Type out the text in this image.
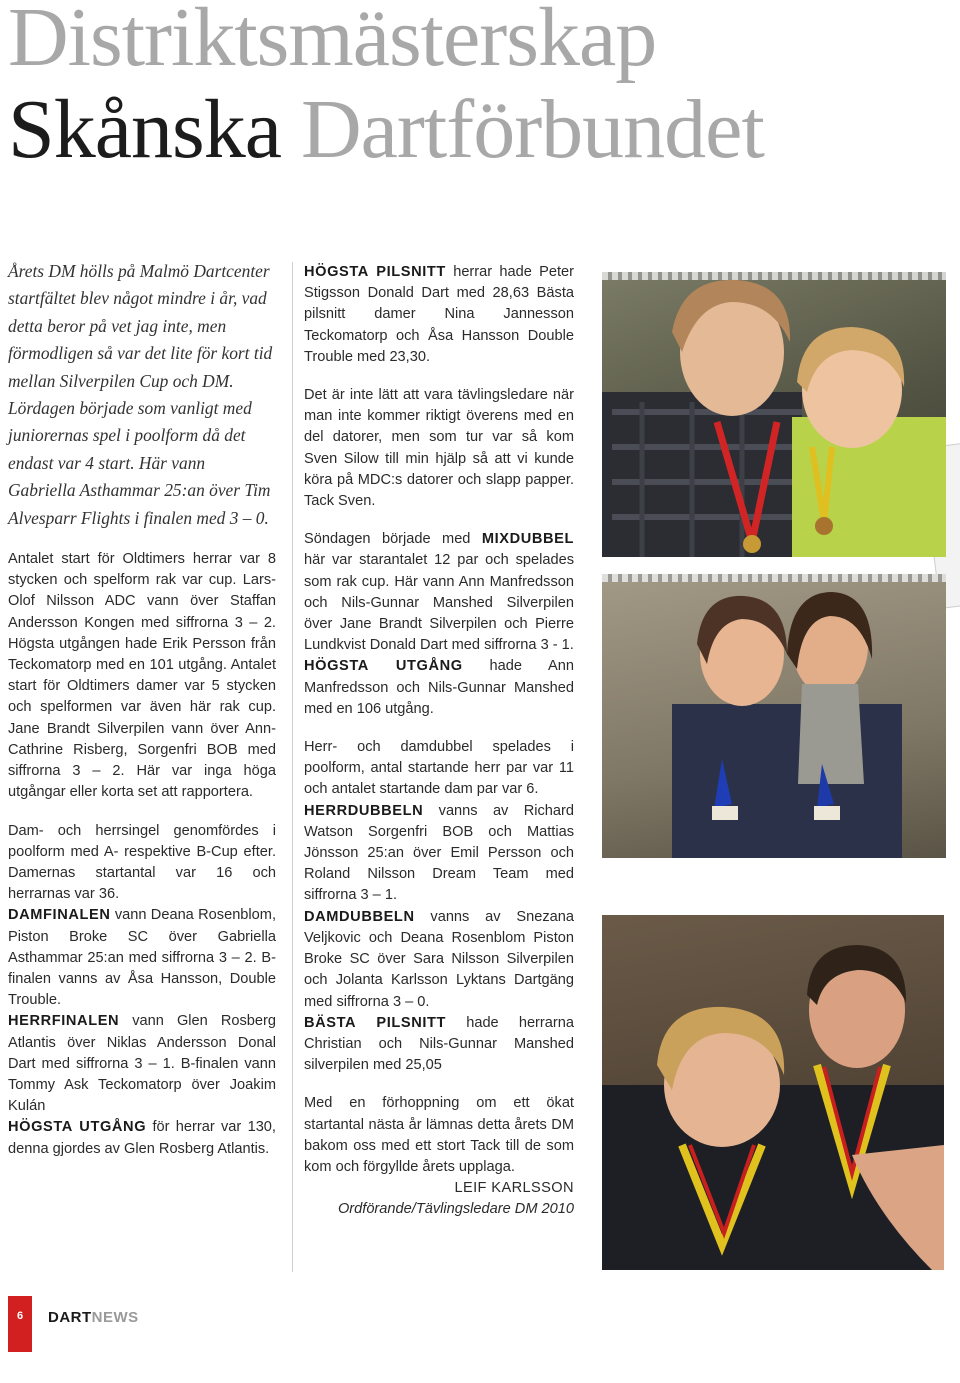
Distriktsmästerskap
Skånska Dartförbundet

Årets DM hölls på Malmö Dartcenter startfältet blev något mindre i år, vad detta beror på vet jag inte, men förmodligen så var det lite för kort tid mellan Silverpilen Cup och DM. Lördagen började som vanligt med juniorernas spel i poolform då det endast var 4 start. Här vann Gabriella Asthammar 25:an över Tim Alvesparr Flights i finalen med 3 – 0.

Antalet start för Oldtimers herrar var 8 stycken och spelform rak var cup. Lars-Olof Nilsson ADC vann över Staffan Andersson Kongen med siffrorna 3 – 2. Högsta utgången hade Erik Persson från Teckomatorp med en 101 utgång. Antalet start för Oldtimers damer var 5 stycken och spelformen var även här rak cup. Jane Brandt Silverpilen vann över Ann-Cathrine Risberg, Sorgenfri BOB med siffrorna 3 – 2. Här var inga höga utgångar eller korta set att rapportera.

Dam- och herrsingel genomfördes i poolform med A- respektive B-Cup efter. Damernas startantal var 16 och herrarnas var 36.

DAMFINALEN vann Deana Rosenblom, Piston Broke SC över Gabriella Asthammar 25:an med siffrorna 3 – 2. B-finalen vanns av Åsa Hansson, Double Trouble.

HERRFINALEN vann Glen Rosberg Atlantis över Niklas Andersson Donal Dart med siffrorna 3 – 1. B-finalen vann Tommy Ask Teckomatorp över Joakim Kulán

HÖGSTA UTGÅNG för herrar var 130, denna gjordes av Glen Rosberg Atlantis.

HÖGSTA PILSNITT herrar hade Peter Stigsson Donald Dart med 28,63 Bästa pilsnitt damer Nina Jannesson Teckomatorp och Åsa Hansson Double Trouble med 23,30.

Det är inte lätt att vara tävlingsledare när man inte kommer riktigt överens med en del datorer, men som tur var så kom Sven Silow till min hjälp så att vi kunde köra på MDC:s datorer och slapp papper. Tack Sven.

Söndagen började med MIXDUBBEL här var starantalet 12 par och spelades som rak cup. Här vann Ann Manfredsson och Nils-Gunnar Manshed Silverpilen över Jane Brandt Silverpilen och Pierre Lundkvist Donald Dart med siffrorna 3 - 1.

HÖGSTA UTGÅNG hade Ann Manfredsson och Nils-Gunnar Manshed med en 106 utgång.

Herr- och damdubbel spelades i poolform, antal startande herr par var 11 och antalet startande dam par var 6.

HERRDUBBELN vanns av Richard Watson Sorgenfri BOB och Mattias Jönsson 25:an över Emil Persson och Roland Nilsson Dream Team med siffrorna 3 – 1.

DAMDUBBELN vanns av Snezana Veljkovic och Deana Rosenblom Piston Broke SC över Sara Nilsson Silverpilen och Jolanta Karlsson Lyktans Dartgäng med siffrorna 3 – 0.

BÄSTA PILSNITT hade herrarna Christian och Nils-Gunnar Manshed silverpilen med 25,05

Med en förhoppning om ett ökat startantal nästa år lämnas detta årets DM bakom oss med ett stort Tack till de som kom och förgyllde årets upplaga.

LEIF KARLSSON

Ordförande/Tävlingsledare DM 2010

6	DARTNEWS
